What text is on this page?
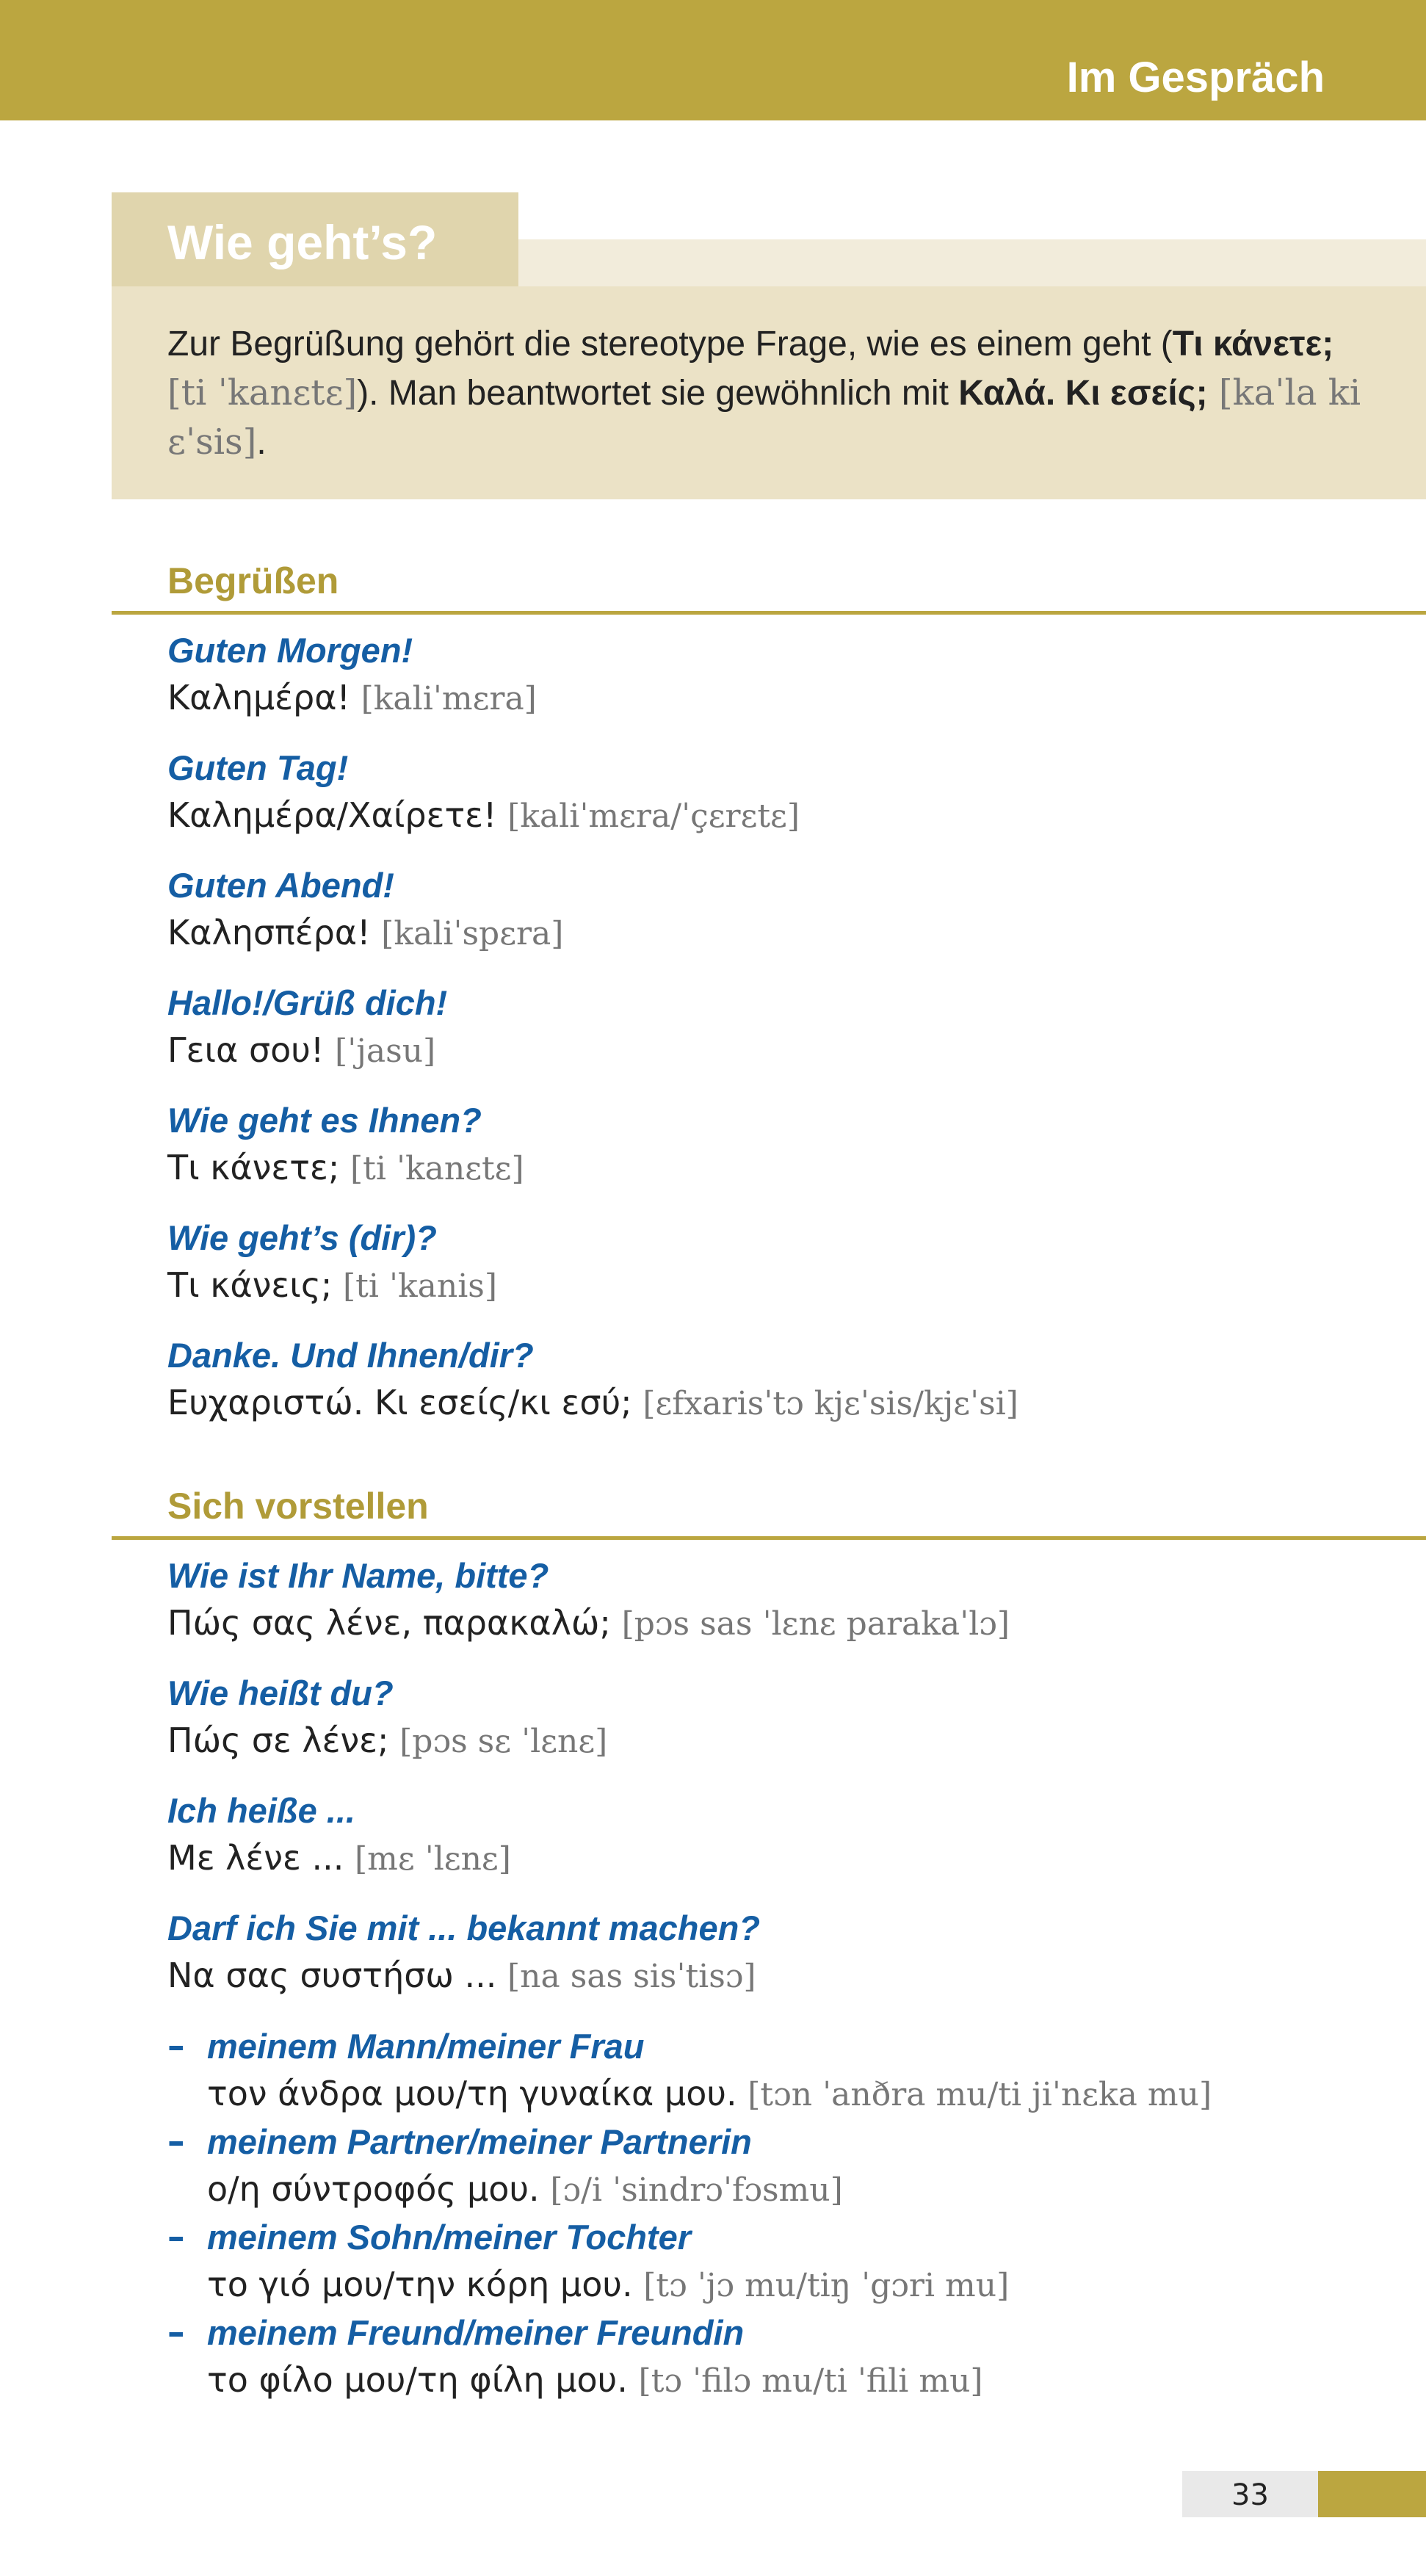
Im Gespräch
Wie geht’s?

Zur Begrüßung gehört die stereotype Frage, wie es einem geht (Τι κάνετε; [ti ˈkanɛtɛ]). Man beantwortet sie gewöhnlich mit Καλά. Κι εσείς; [kaˈla ki ɛˈsis].

Begrüßen
Guten Morgen!
Καλημέρα! [kaliˈmɛra]
Guten Tag!
Καλημέρα/Χαίρετε! [kaliˈmɛra/ˈçɛrɛtɛ]
Guten Abend!
Καλησπέρα! [kaliˈspɛra]
Hallo!/Grüß dich!
Γεια σου! [ˈjasu]
Wie geht es Ihnen?
Τι κάνετε; [ti ˈkanɛtɛ]
Wie geht’s (dir)?
Τι κάνεις; [ti ˈkanis]
Danke. Und Ihnen/dir?
Ευχαριστώ. Κι εσείς/κι εσύ; [ɛfxarisˈtɔ kjɛˈsis/kjɛˈsi]
Sich vorstellen
Wie ist Ihr Name, bitte?
Πώς σας λένε, παρακαλώ; [pɔs sas ˈlɛnɛ parakaˈlɔ]
Wie heißt du?
Πώς σε λένε; [pɔs sɛ ˈlɛnɛ]
Ich heiße ...
Με λένε ... [mɛ ˈlɛnɛ]
Darf ich Sie mit ... bekannt machen?
Να σας συστήσω ... [na sas sisˈtisɔ]
– meinem Mann/meiner Frau
τον άνδρα μου/τη γυναίκα μου. [tɔn ˈanðra mu/ti jiˈnɛka mu]
– meinem Partner/meiner Partnerin
ο/η σύντροφός μου. [ɔ/i ˈsindrɔˈfɔsmu]
– meinem Sohn/meiner Tochter
το γιό μου/την κόρη μου. [tɔ ˈjɔ mu/tiŋ ˈgɔri mu]
– meinem Freund/meiner Freundin
το φίλο μου/τη φίλη μου. [tɔ ˈfilɔ mu/ti ˈfili mu]
33
